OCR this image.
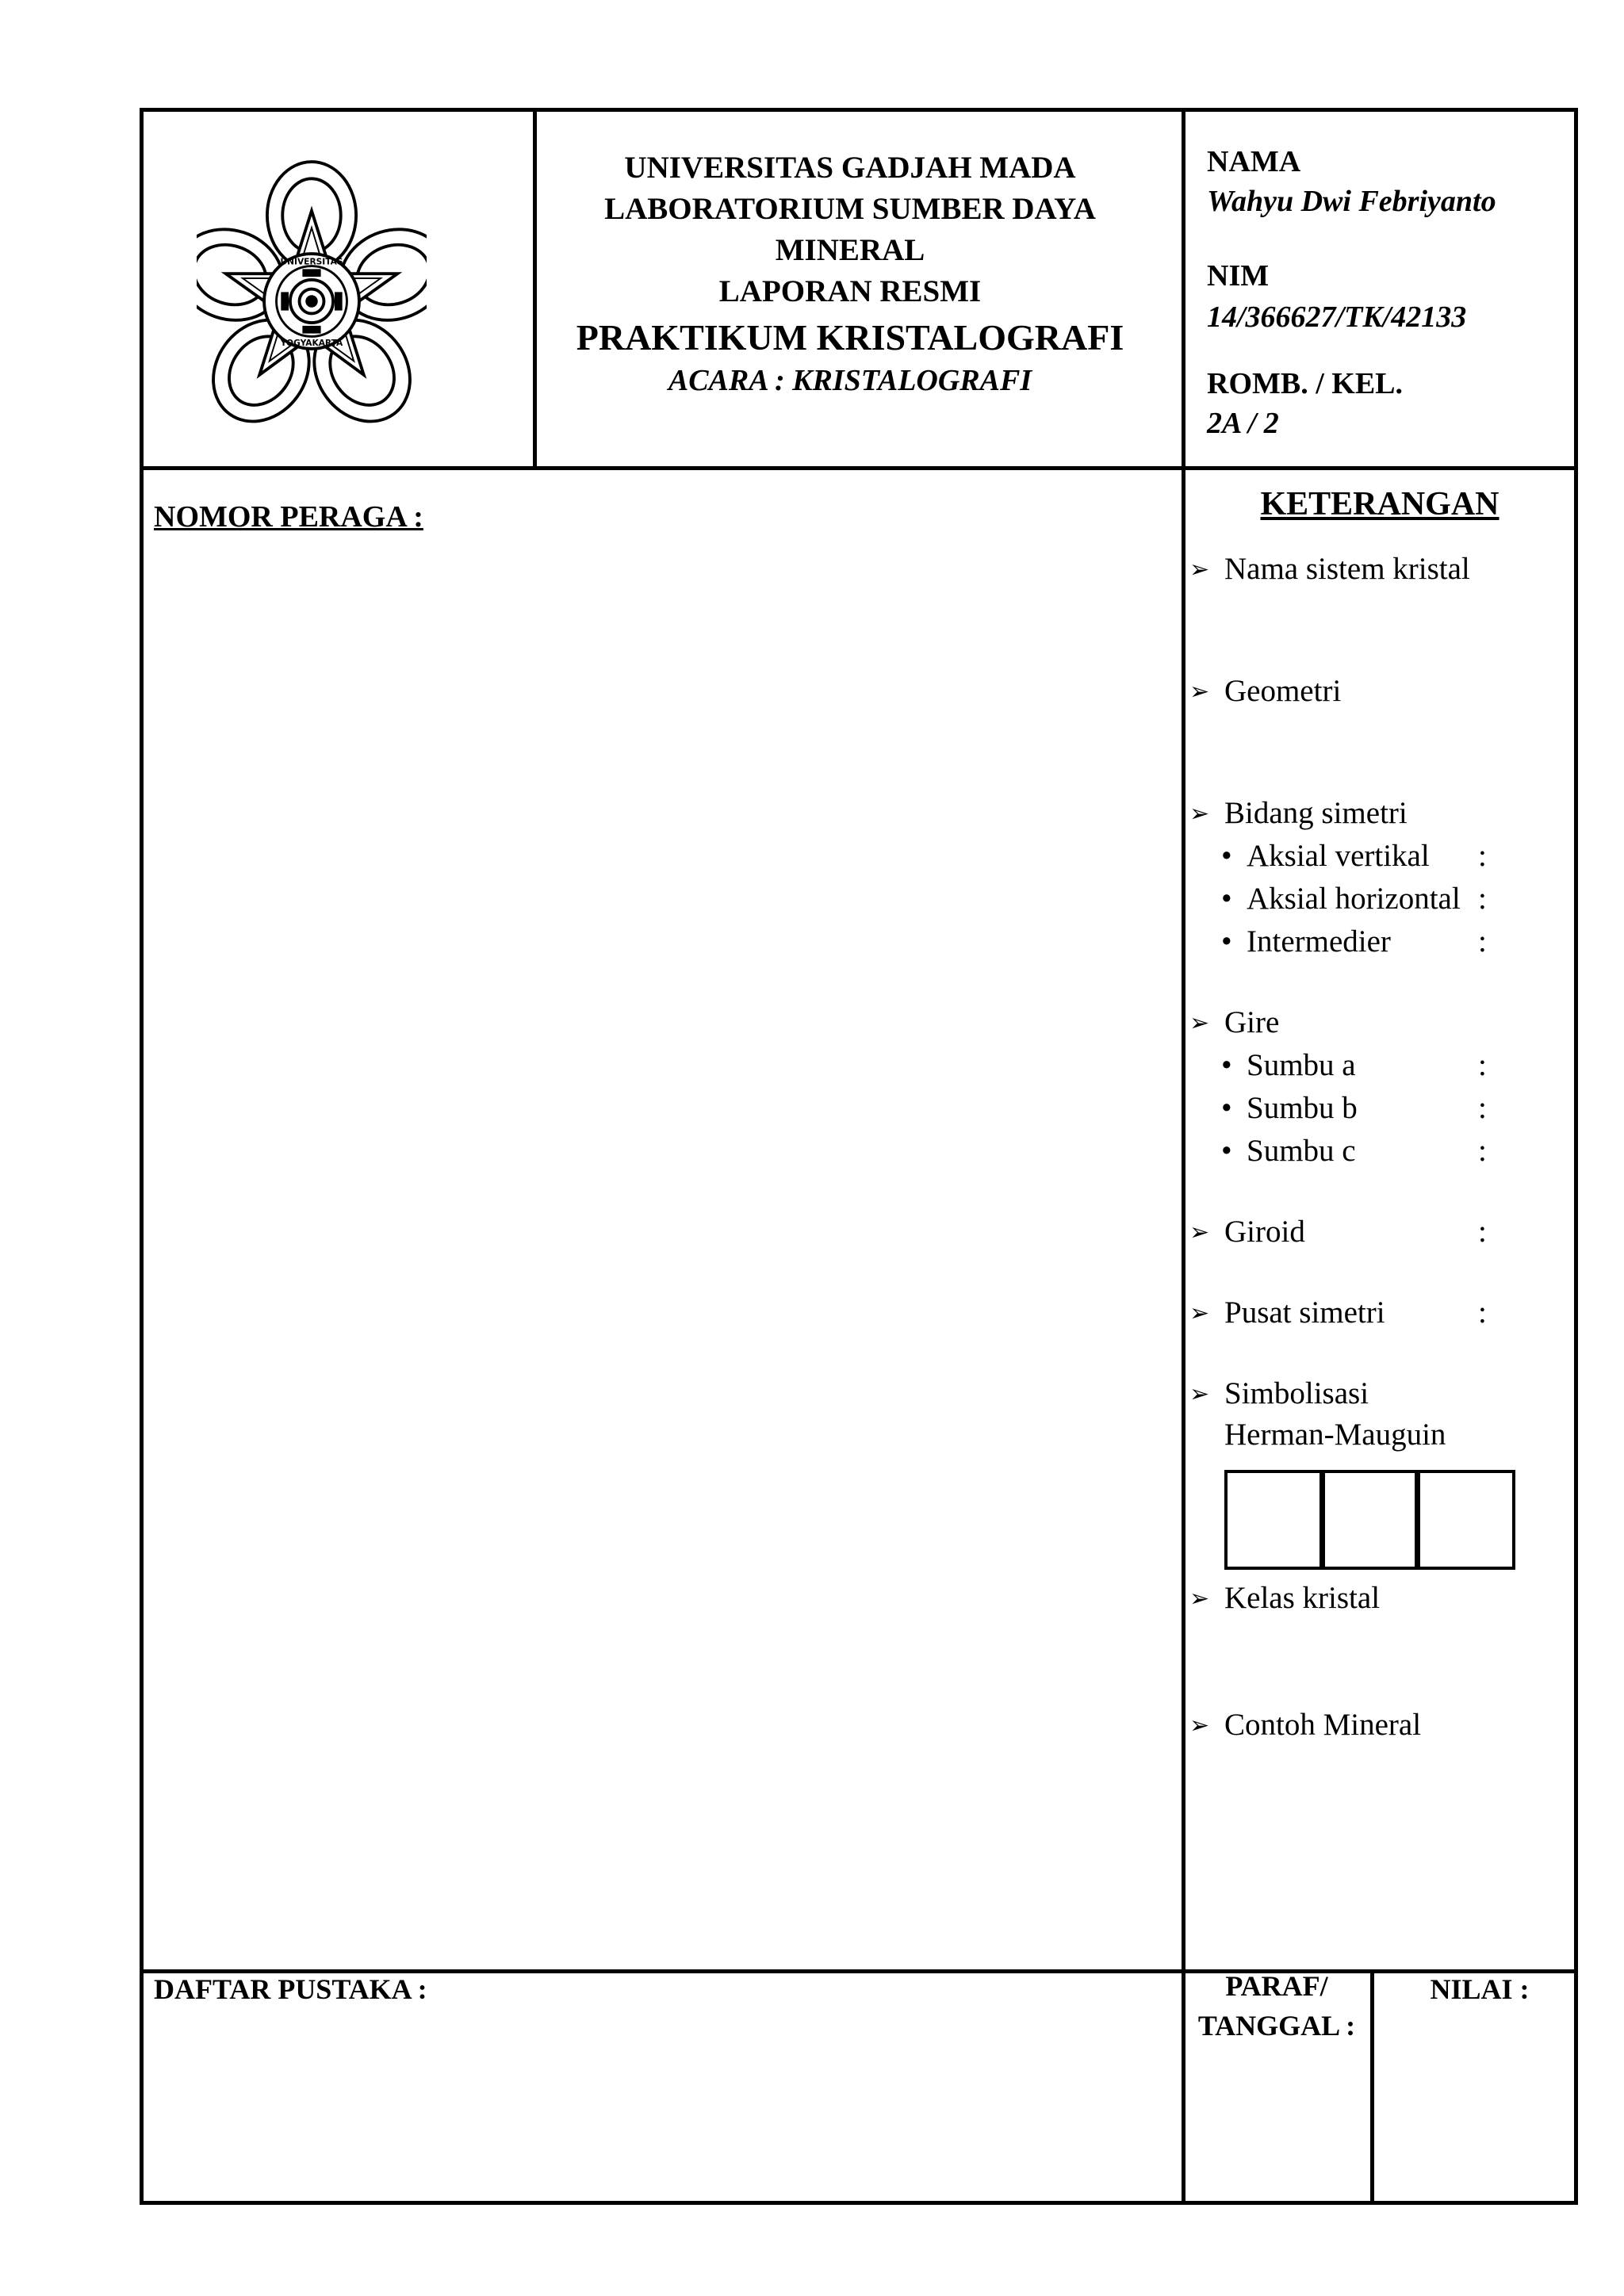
UNIVERSITAS
YOGYAKARTA
UNIVERSITAS GADJAH MADA
LABORATORIUM SUMBER DAYA
MINERAL
LAPORAN RESMI
PRAKTIKUM KRISTALOGRAFI
ACARA : KRISTALOGRAFI
NAMA
Wahyu Dwi Febriyanto
NIM
14/366627/TK/42133
ROMB. / KEL.
2A / 2
NOMOR PERAGA :	KETERANGAN
➢ Nama sistem kristal
➢ Geometri
➢ Bidang simetri
• Aksial vertikal :
• Aksial horizontal :
• Intermedier	:
➢ Gire
• Sumbu a	:
• Sumbu b	:
• Sumbu c	:
➢ Giroid	:
➢ Pusat simetri	:
➢ Simbolisasi
Herman-Mauguin
➢ Kelas kristal
➢ Contoh Mineral
DAFTAR PUSTAKA :	PARAF/
TANGGAL :
NILAI :
